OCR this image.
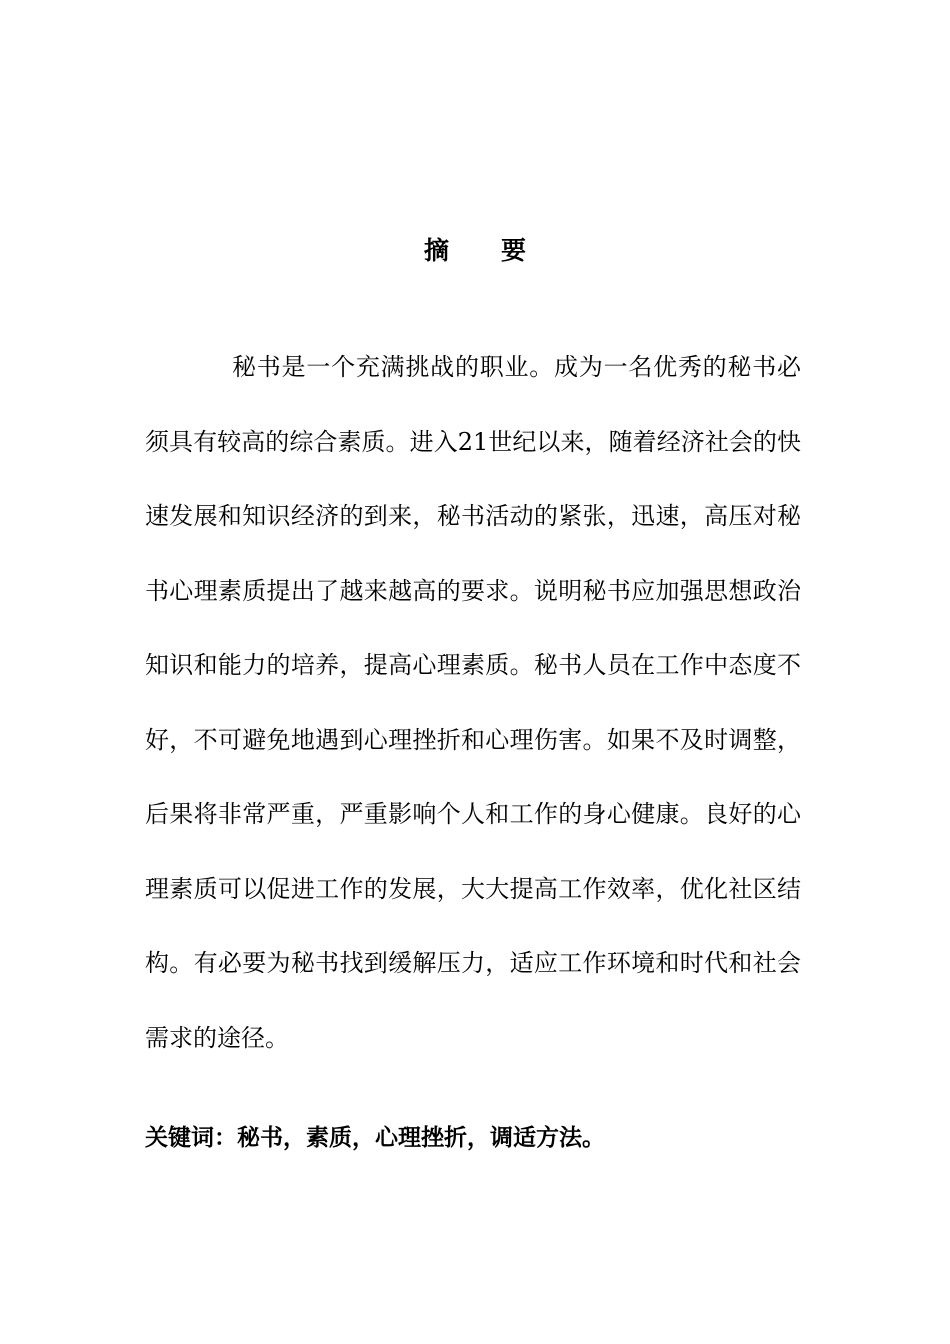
摘要

秘书是一个充满挑战的职业。成为一名优秀的秘书必须具有较高的综合素质。进入21世纪以来，随着经济社会的快速发展和知识经济的到来，秘书活动的紧张，迅速，高压对秘书心理素质提出了越来越高的要求。说明秘书应加强思想政治知识和能力的培养，提高心理素质。秘书人员在工作中态度不好，不可避免地遇到心理挫折和心理伤害。如果不及时调整，后果将非常严重，严重影响个人和工作的身心健康。良好的心理素质可以促进工作的发展，大大提高工作效率，优化社区结构。有必要为秘书找到缓解压力，适应工作环境和时代和社会需求的途径。

关键词：秘书，素质，心理挫折，调适方法。
